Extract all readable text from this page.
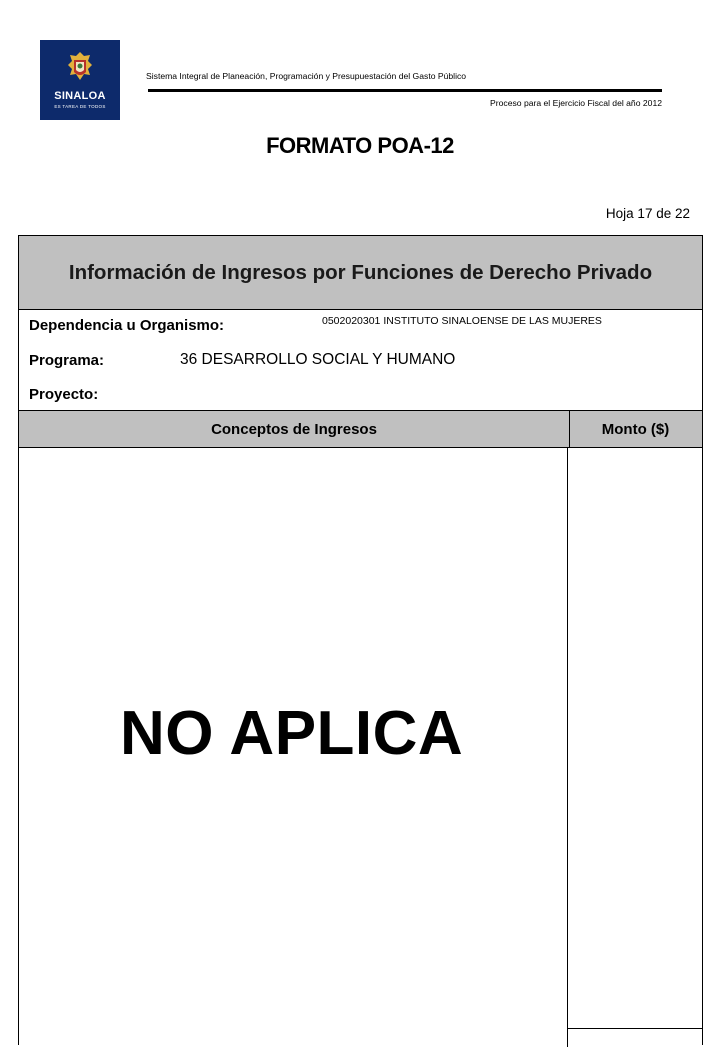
SINALOA
ES TAREA DE TODOS
Sistema Integral de Planeación, Programación y Presupuestación del Gasto Público
Proceso para el Ejercicio Fiscal del año 2012
FORMATO POA-12
Hoja 17 de 22
Información de Ingresos por Funciones de Derecho Privado
Dependencia u Organismo:	0502020301 INSTITUTO SINALOENSE DE LAS MUJERES
Programa:	36 DESARROLLO SOCIAL Y HUMANO
Proyecto:
Conceptos de Ingresos	Monto ($)
NO APLICA
